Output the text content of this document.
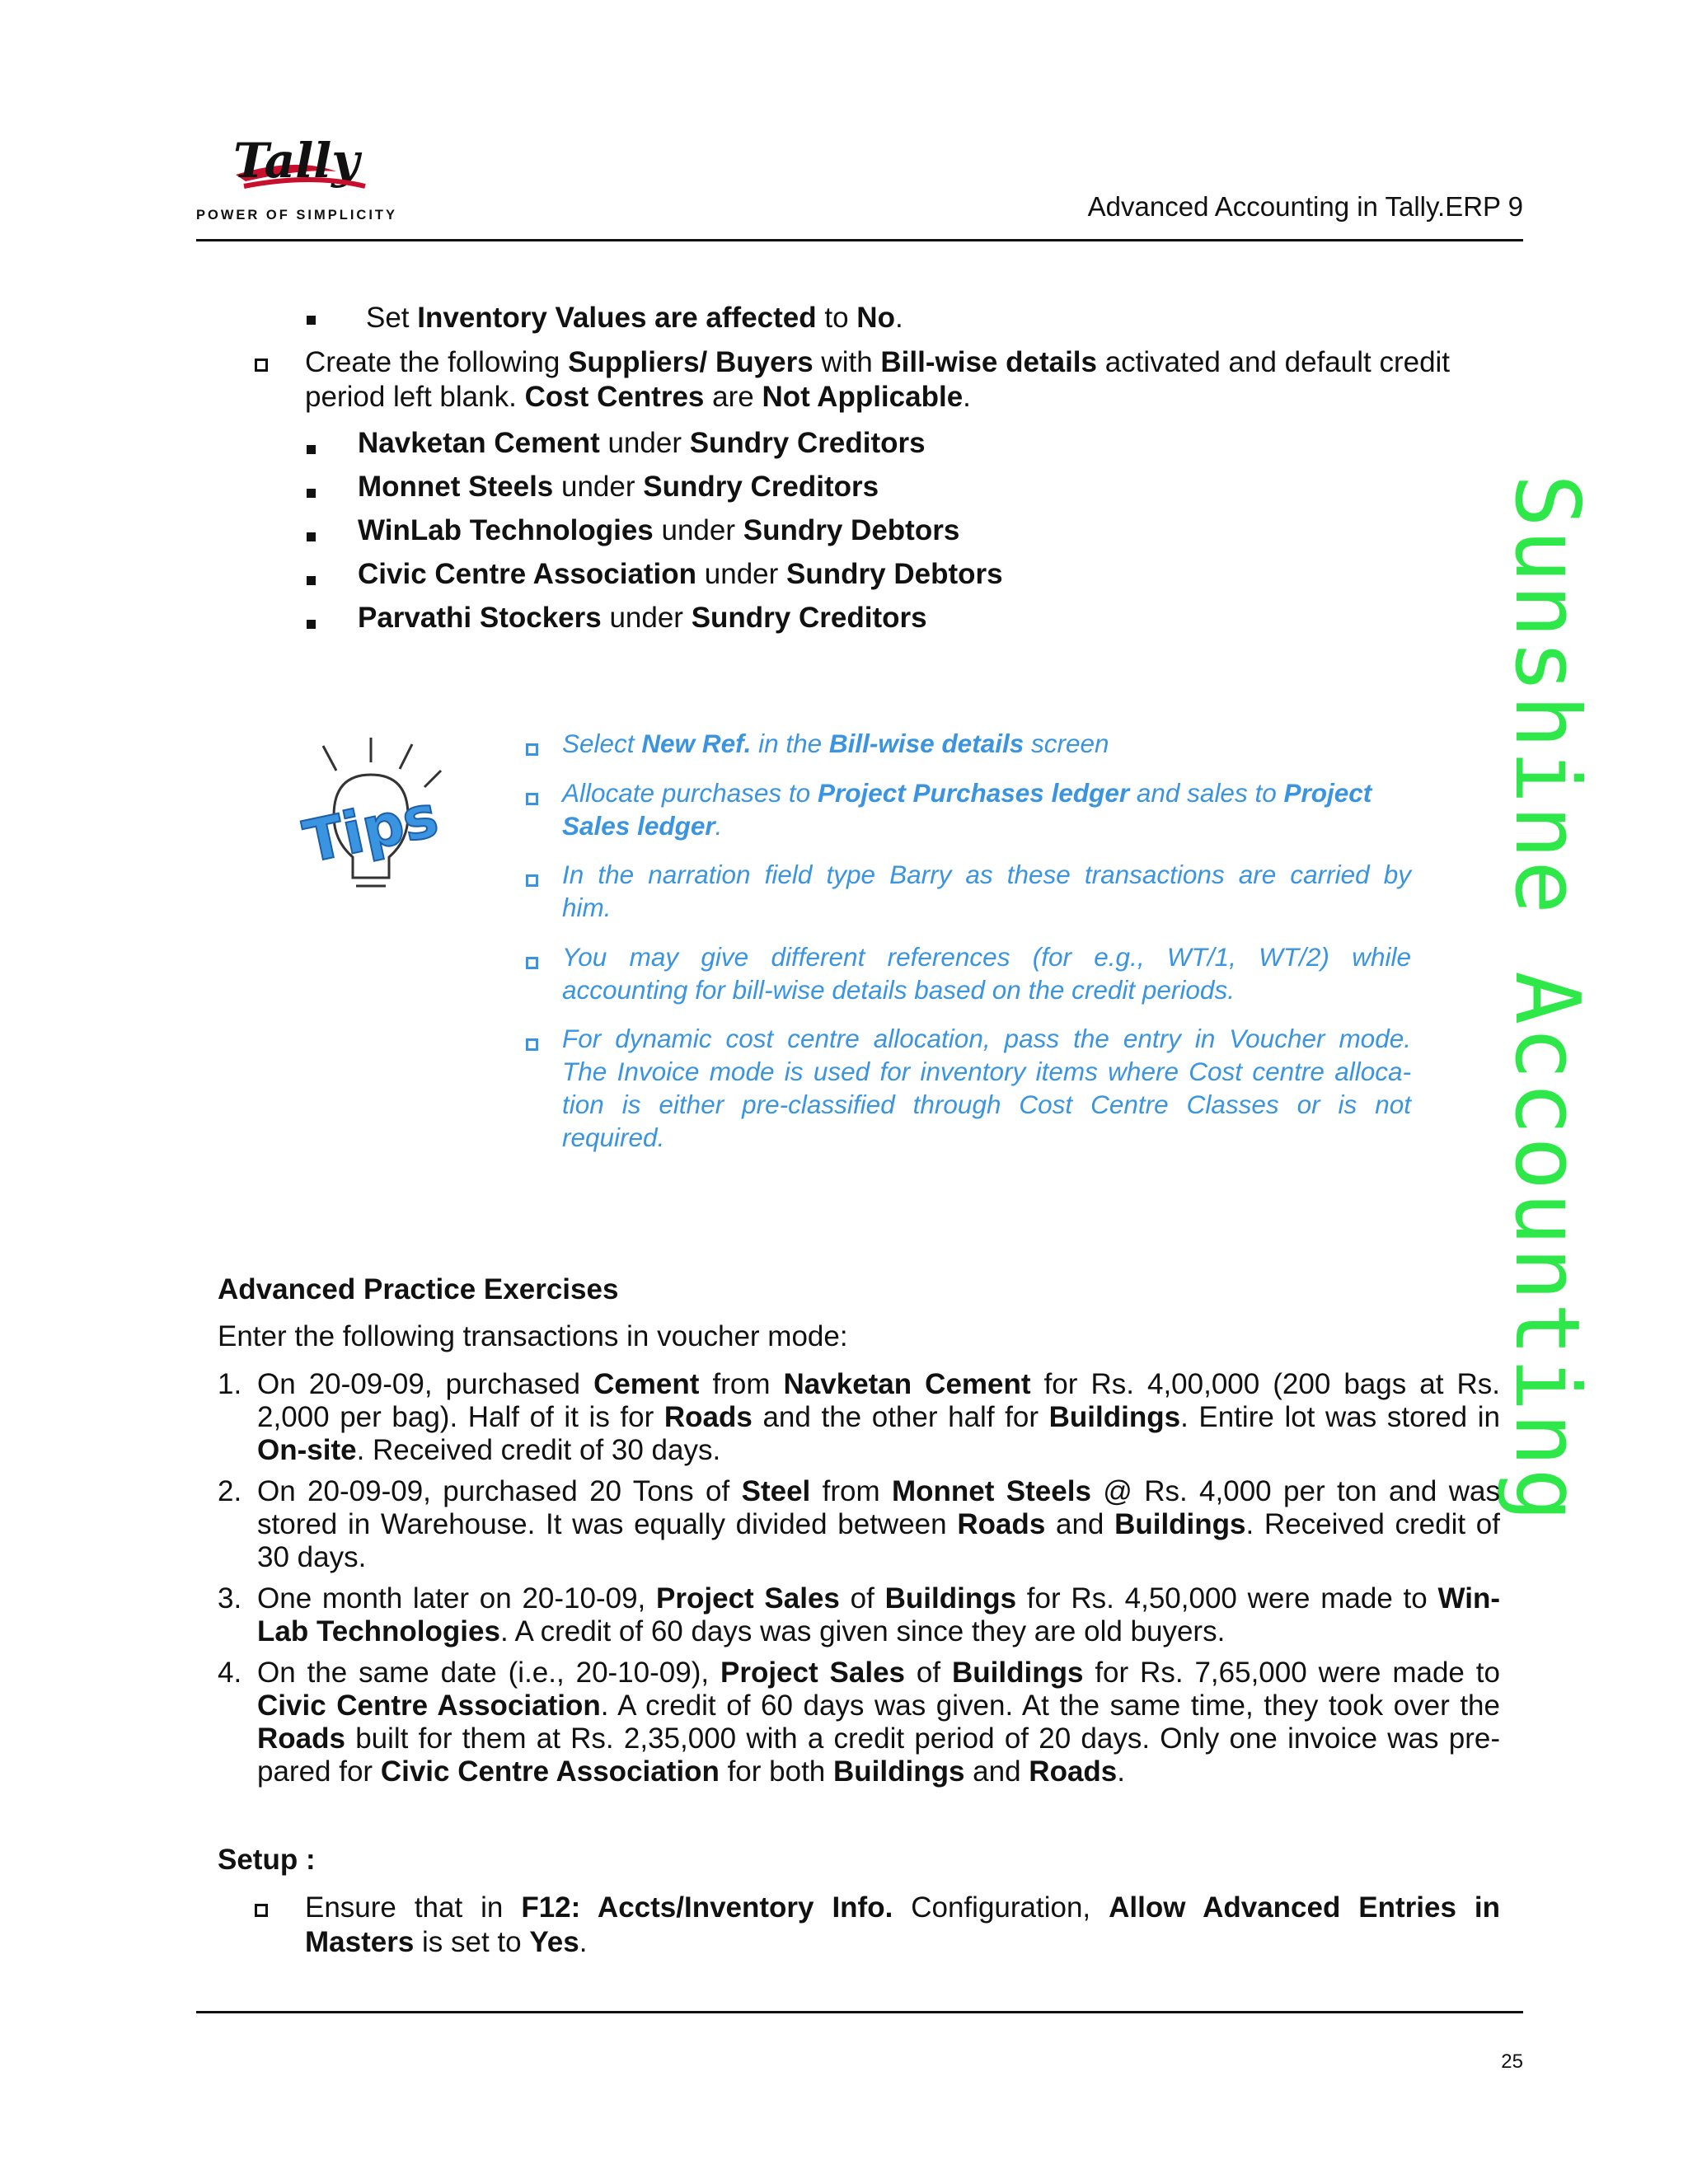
Tally
POWER OF SIMPLICITY	Advanced Accounting in Tally.ERP 9
Sunshine Accounting
Set Inventory Values are affected to No.
Create the following Suppliers/ Buyers with Bill-wise details activated and default credit
period left blank. Cost Centres are Not Applicable.
Navketan Cement under Sundry Creditors
Monnet Steels under Sundry Creditors
WinLab Technologies under Sundry Debtors
Civic Centre Association under Sundry Debtors
Parvathi Stockers under Sundry Creditors
Tips
Select New Ref. in the Bill-wise details screen
Allocate purchases to Project Purchases ledger and sales to Project
Sales ledger.
In the narration field type Barry as these transactions are carried by
him.
You may give different references (for e.g., WT/1, WT/2) while
accounting for bill-wise details based on the credit periods.
For dynamic cost centre allocation, pass the entry in Voucher mode.
The Invoice mode is used for inventory items where Cost centre alloca-
tion is either pre-classified through Cost Centre Classes or is not
required.
Advanced Practice Exercises
Enter the following transactions in voucher mode:
1. On 20-09-09, purchased Cement from Navketan Cement for Rs. 4,00,000 (200 bags at Rs.
2,000 per bag). Half of it is for Roads and the other half for Buildings. Entire lot was stored in
On-site. Received credit of 30 days.
2. On 20-09-09, purchased 20 Tons of Steel from Monnet Steels @ Rs. 4,000 per ton and was
stored in Warehouse. It was equally divided between Roads and Buildings. Received credit of
30 days.
3. One month later on 20-10-09, Project Sales of Buildings for Rs. 4,50,000 were made to Win-
Lab Technologies. A credit of 60 days was given since they are old buyers.
4. On the same date (i.e., 20-10-09), Project Sales of Buildings for Rs. 7,65,000 were made to
Civic Centre Association. A credit of 60 days was given. At the same time, they took over the
Roads built for them at Rs. 2,35,000 with a credit period of 20 days. Only one invoice was pre-
pared for Civic Centre Association for both Buildings and Roads.
Setup :
Ensure that in F12: Accts/Inventory Info. Configuration, Allow Advanced Entries in
Masters is set to Yes.
25
